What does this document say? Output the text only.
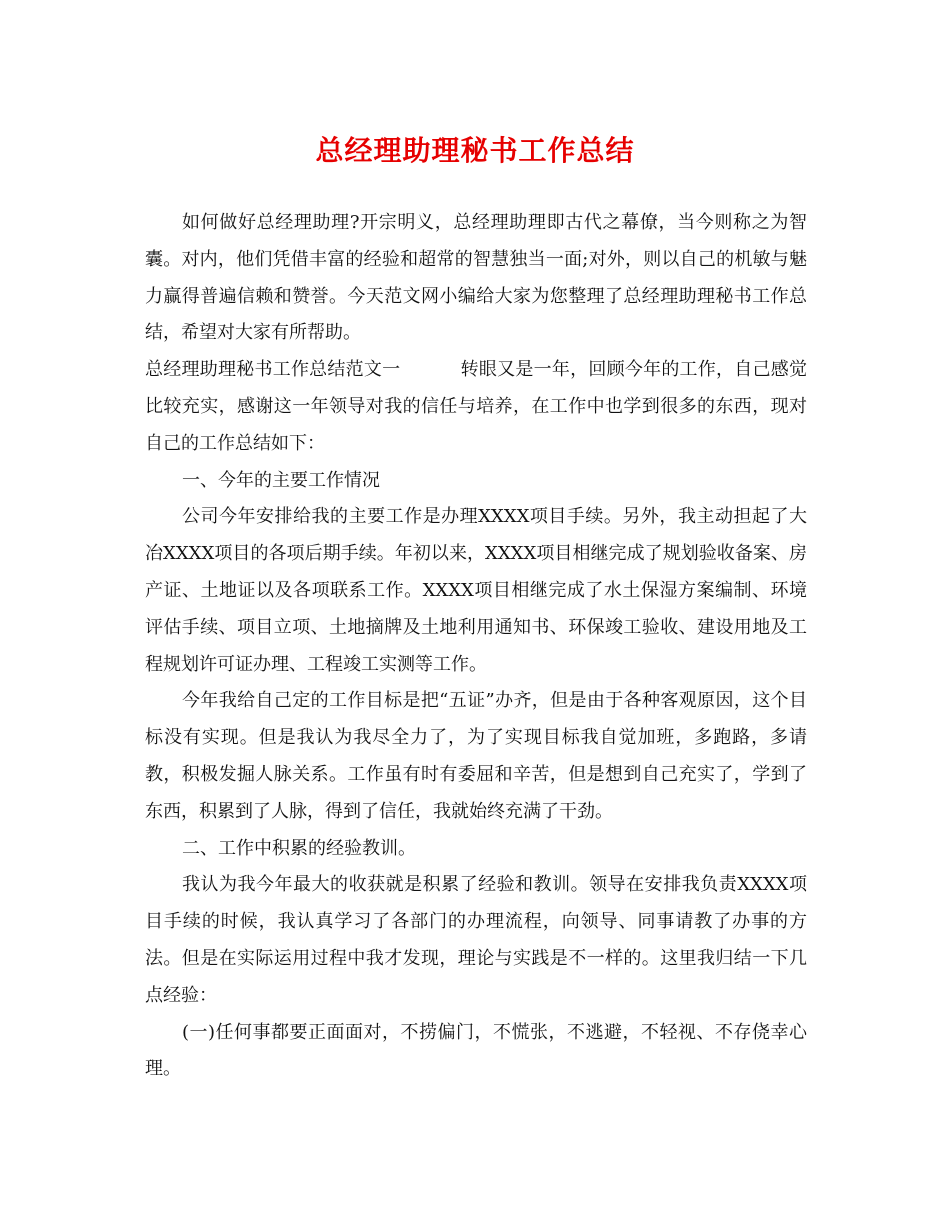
总经理助理秘书工作总结

如何做好总经理助理?开宗明义，总经理助理即古代之幕僚，当今则称之为智囊。对内，他们凭借丰富的经验和超常的智慧独当一面;对外，则以自己的机敏与魅力赢得普遍信赖和赞誉。今天范文网小编给大家为您整理了总经理助理秘书工作总结，希望对大家有所帮助。

总经理助理秘书工作总结范文一	转眼又是一年，回顾今年的工作，自己感觉比较充实，感谢这一年领导对我的信任与培养，在工作中也学到很多的东西，现对自己的工作总结如下：

一、今年的主要工作情况

公司今年安排给我的主要工作是办理XXXX项目手续。另外，我主动担起了大冶XXXX项目的各项后期手续。年初以来，XXXX项目相继完成了规划验收备案、房产证、土地证以及各项联系工作。XXXX项目相继完成了水土保湿方案编制、环境评估手续、项目立项、土地摘牌及土地利用通知书、环保竣工验收、建设用地及工程规划许可证办理、工程竣工实测等工作。

今年我给自己定的工作目标是把“五证”办齐，但是由于各种客观原因，这个目标没有实现。但是我认为我尽全力了，为了实现目标我自觉加班，多跑路，多请教，积极发掘人脉关系。工作虽有时有委屈和辛苦，但是想到自己充实了，学到了东西，积累到了人脉，得到了信任，我就始终充满了干劲。

二、工作中积累的经验教训。

我认为我今年最大的收获就是积累了经验和教训。领导在安排我负责XXXX项目手续的时候，我认真学习了各部门的办理流程，向领导、同事请教了办事的方法。但是在实际运用过程中我才发现，理论与实践是不一样的。这里我归结一下几点经验：

(一)任何事都要正面面对，不捞偏门，不慌张，不逃避，不轻视、不存侥幸心理。
